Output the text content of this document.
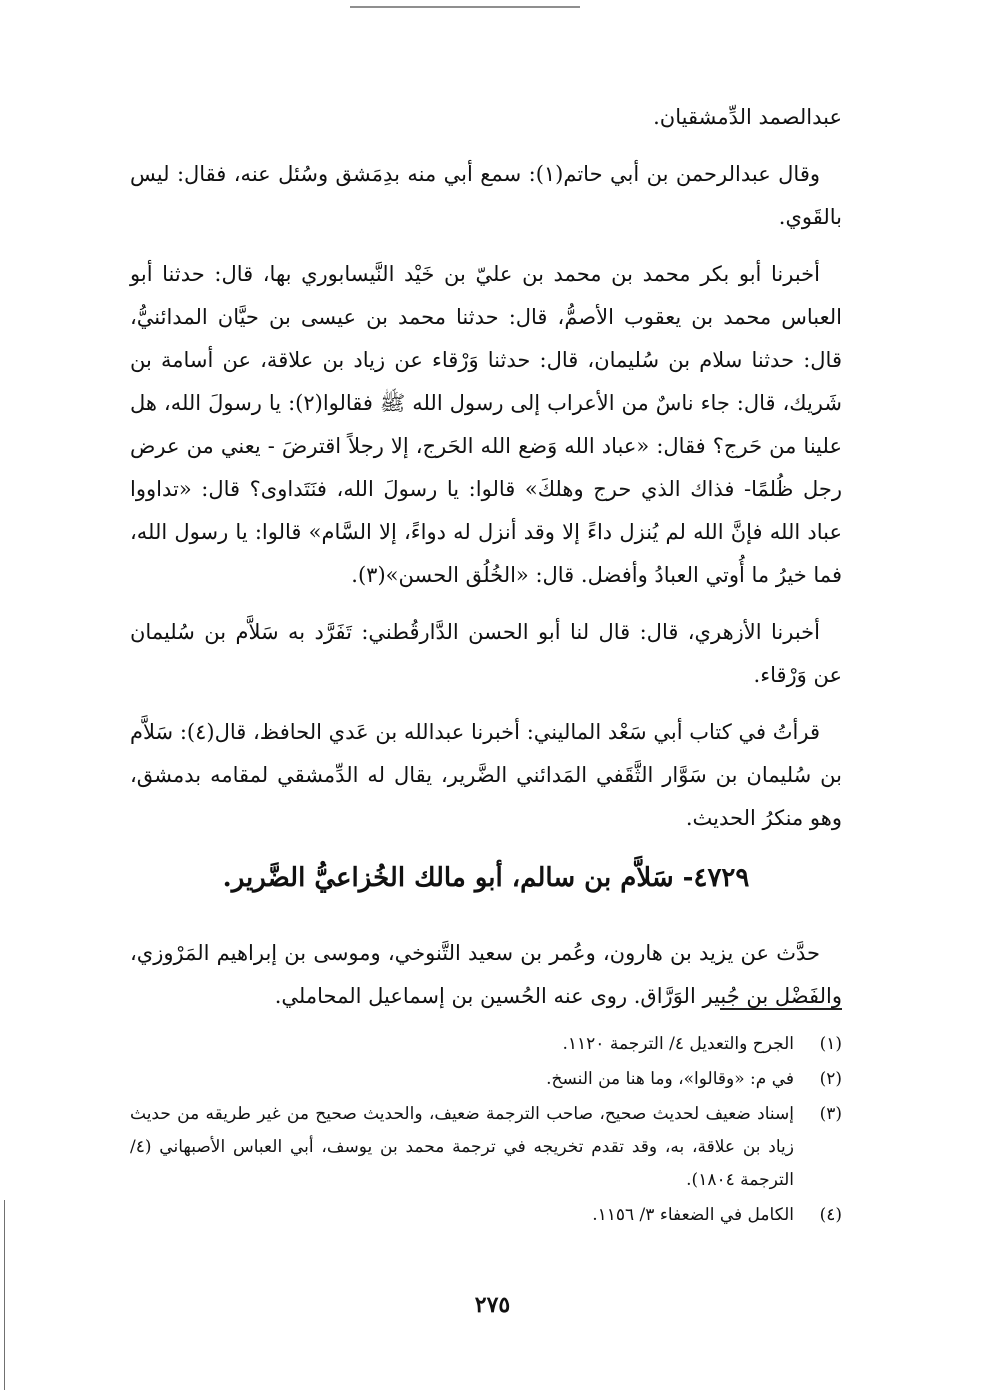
عبدالصمد الدِّمشقيان.

وقال عبدالرحمن بن أبي حاتم(١): سمع أبي منه بدِمَشق وسُئل عنه، فقال: ليس بالقَوي.

أخبرنا أبو بكر محمد بن محمد بن عليّ بن خَيْد النَّيسابوري بها، قال: حدثنا أبو العباس محمد بن يعقوب الأصمُّ، قال: حدثنا محمد بن عيسى بن حيَّان المدائنيُّ، قال: حدثنا سلام بن سُليمان، قال: حدثنا وَرْقاء عن زياد بن علاقة، عن أسامة بن شَريك، قال: جاء ناسٌ من الأعراب إلى رسول الله ﷺ فقالوا(٢): يا رسولَ الله، هل علينا من حَرج؟ فقال: «عباد الله وَضع الله الحَرج، إلا رجلاً اقترضَ - يعني من عرض رجل ظُلمًا- فذاك الذي حرج وهلكَ» قالوا: يا رسولَ الله، فنَتَداوى؟ قال: «تداووا عباد الله فإنَّ الله لم يُنزل داءً إلا وقد أنزل له دواءً، إلا السَّام» قالوا: يا رسول الله، فما خيرُ ما أُوتي العبادُ وأفضل. قال: «الخُلُق الحسن»(٣).

أخبرنا الأزهري، قال: قال لنا أبو الحسن الدَّارقُطني: تَفَرَّد به سَلاَّم بن سُليمان عن وَرْقاء.

قرأتُ في كتاب أبي سَعْد الماليني: أخبرنا عبدالله بن عَدي الحافظ، قال(٤): سَلاَّم بن سُليمان بن سَوَّار الثَّقَفي المَدائني الضَّرير، يقال له الدِّمشقي لمقامه بدمشق، وهو منكرُ الحديث.

٤٧٢٩- سَلاَّم بن سالم، أبو مالك الخُزاعيُّ الضَّرير.

حدَّث عن يزيد بن هارون، وعُمر بن سعيد التَّنوخي، وموسى بن إبراهيم المَرْوزي، والفَضْل بن جُبير الوَرَّاق. روى عنه الحُسين بن إسماعيل المحاملي.

(١)
الجرح والتعديل ٤/ الترجمة ١١٢٠.
(٢)
في م: «وقالوا»، وما هنا من النسخ.
(٣)
إسناد ضعيف لحديث صحيح، صاحب الترجمة ضعيف، والحديث صحيح من غير طريقه من حديث زياد بن علاقة، به، وقد تقدم تخريجه في ترجمة محمد بن يوسف، أبي العباس الأصبهاني (٤/ الترجمة ١٨٠٤).
(٤)
الكامل في الضعفاء ٣/ ١١٥٦.
٢٧٥
